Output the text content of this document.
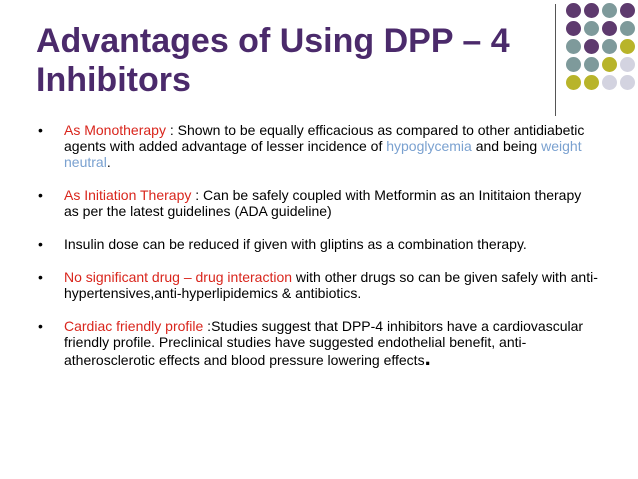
Advantages of Using DPP – 4 Inhibitors
• As Monotherapy : Shown to be equally efficacious as compared to other antidiabetic agents with added advantage of lesser incidence of hypoglycemia and being weight neutral.
• As Initiation Therapy : Can be safely coupled with Metformin as an Inititaion therapy as per the latest guidelines (ADA guideline)
• Insulin dose can be reduced if given with gliptins as a combination therapy.
• No significant drug – drug interaction with other drugs so can be given safely with anti-hypertensives,anti-hyperlipidemics & antibiotics.
• Cardiac friendly profile :Studies suggest that DPP-4 inhibitors have a cardiovascular friendly profile. Preclinical studies have suggested endothelial benefit, anti-atherosclerotic effects and blood pressure lowering effects.
